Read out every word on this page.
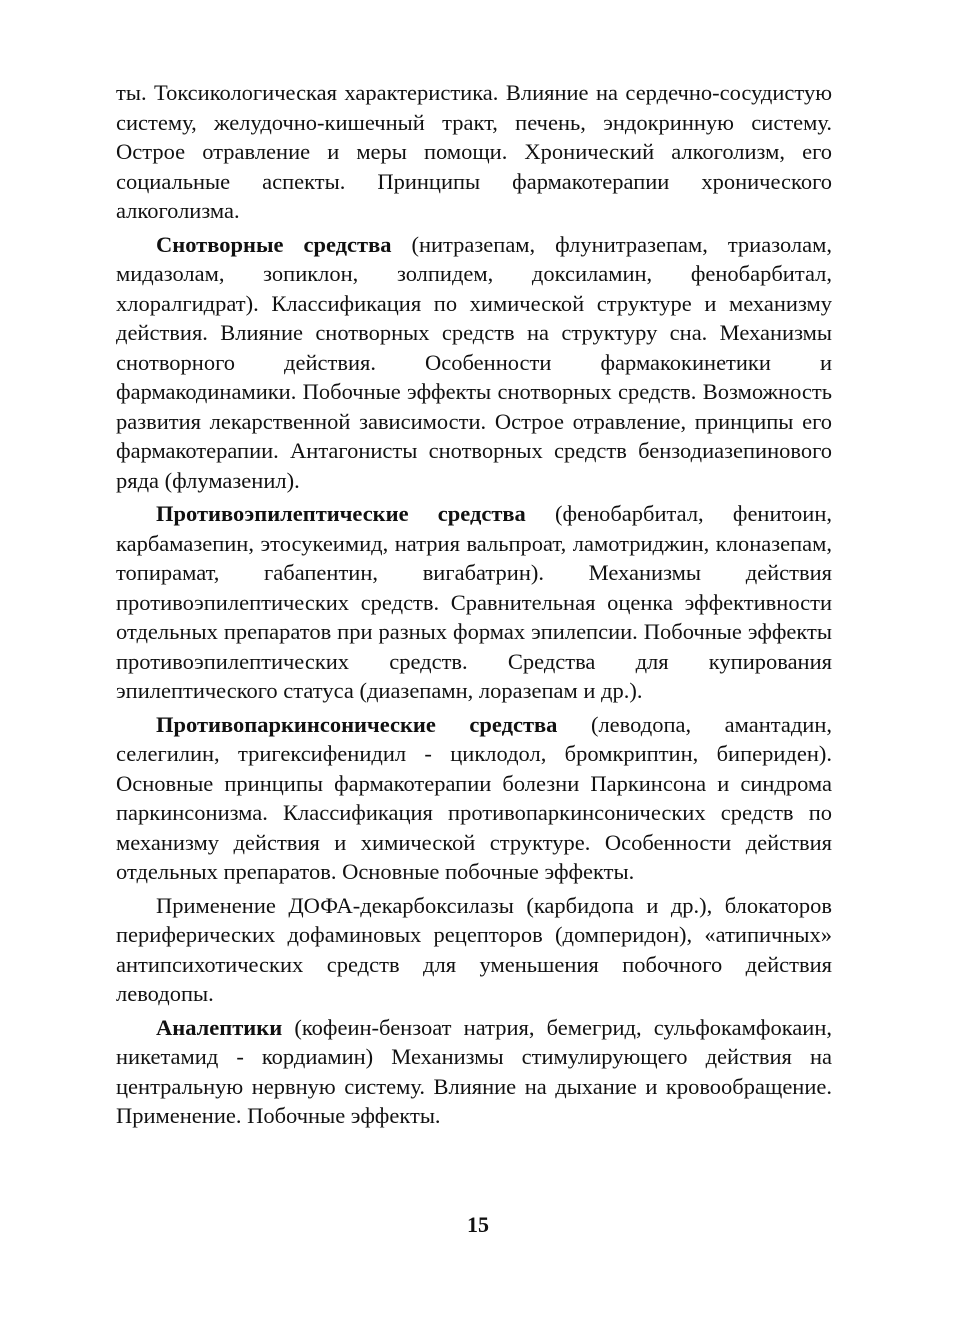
ты. Токсикологическая характеристика. Влияние на сердечно-сосудистую систему, желудочно-кишечный тракт, печень, эндокринную систему. Острое отравление и меры помощи. Хронический алкоголизм, его социальные аспекты. Принципы фармакотерапии хронического алкоголизма.

Снотворные средства (нитразепам, флунитразепам, триазолам, мидазолам, зопиклон, золпидем, доксиламин, фенобарбитал, хлоралгидрат). Классификация по химической структуре и механизму действия. Влияние снотворных средств на структуру сна. Механизмы снотворного действия. Особенности фармакокинетики и фармакодинамики. Побочные эффекты снотворных средств. Возможность развития лекарственной зависимости. Острое отравление, принципы его фармакотерапии. Антагонисты снотворных средств бензодиазепинового ряда (флумазенил).

Противоэпилептические средства (фенобарбитал, фенитоин, карбамазепин, этосукеимид, натрия вальпроат, ламотриджин, клоназепам, топирамат, габапентин, вигабатрин). Механизмы действия противоэпилептических средств. Сравнительная оценка эффективности отдельных препаратов при разных формах эпилепсии. Побочные эффекты противоэпилептических средств. Средства для купирования эпилептического статуса (диазепамн, лоразепам и др.).

Противопаркинсонические средства (леводопа, амантадин, селегилин, тригексифенидил - циклодол, бромкриптин, бипериден). Основные принципы фармакотерапии болезни Паркинсона и синдрома паркинсонизма. Классификация противопаркинсонических средств по механизму действия и химической структуре. Особенности действия отдельных препаратов. Основные побочные эффекты.

Применение ДОФА-декарбоксилазы (карбидопа и др.), блокаторов периферических дофаминовых рецепторов (домперидон), «атипичных» антипсихотических средств для уменьшения побочного действия леводопы.

Аналептики (кофеин-бензоат натрия, бемегрид, сульфокамфокаин, никетамид - кордиамин) Механизмы стимулирующего действия на центральную нервную систему. Влияние на дыхание и кровообращение. Применение. Побочные эффекты.

15
